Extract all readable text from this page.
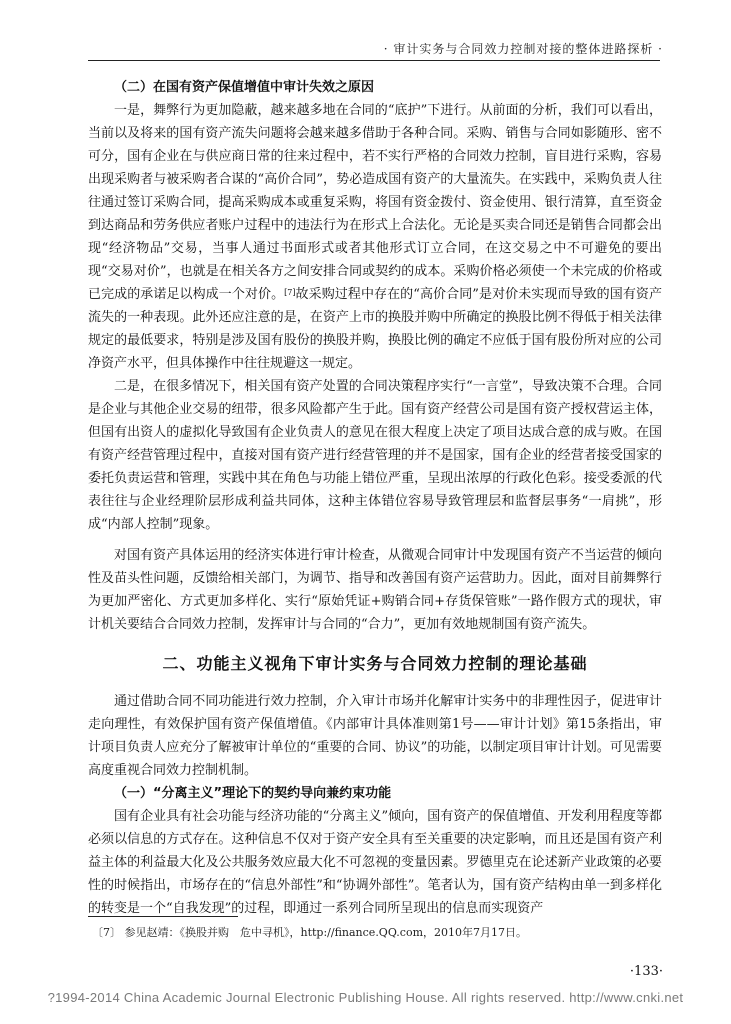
· 审计实务与合同效力控制对接的整体进路探析 ·
（二）在国有资产保值增值中审计失效之原因

一是，舞弊行为更加隐蔽，越来越多地在合同的“底护”下进行。从前面的分析，我们可以看出，当前以及将来的国有资产流失问题将会越来越多借助于各种合同。采购、销售与合同如影随形、密不可分，国有企业在与供应商日常的往来过程中，若不实行严格的合同效力控制，盲目进行采购，容易出现采购者与被采购者合谋的“高价合同”，势必造成国有资产的大量流失。在实践中，采购负责人往往通过签订采购合同，提高采购成本或重复采购，将国有资金拨付、资金使用、银行清算，直至资金到达商品和劳务供应者账户过程中的违法行为在形式上合法化。无论是买卖合同还是销售合同都会出现“经济物品”交易，当事人通过书面形式或者其他形式订立合同，在这交易之中不可避免的要出现“交易对价”，也就是在相关各方之间安排合同或契约的成本。采购价格必须使一个未完成的价格或已完成的承诺足以构成一个对价。[7]故采购过程中存在的“高价合同”是对价未实现而导致的国有资产流失的一种表现。此外还应注意的是，在资产上市的换股并购中所确定的换股比例不得低于相关法律规定的最低要求，特别是涉及国有股份的换股并购，换股比例的确定不应低于国有股份所对应的公司净资产水平，但具体操作中往往规避这一规定。

二是，在很多情况下，相关国有资产处置的合同决策程序实行“一言堂”，导致决策不合理。合同是企业与其他企业交易的纽带，很多风险都产生于此。国有资产经营公司是国有资产授权营运主体，但国有出资人的虚拟化导致国有企业负责人的意见在很大程度上决定了项目达成合意的成与败。在国有资产经营管理过程中，直接对国有资产进行经营管理的并不是国家，国有企业的经营者接受国家的委托负责运营和管理，实践中其在角色与功能上错位严重，呈现出浓厚的行政化色彩。接受委派的代表往往与企业经理阶层形成利益共同体，这种主体错位容易导致管理层和监督层事务“一肩挑”，形成“内部人控制”现象。

对国有资产具体运用的经济实体进行审计检查，从微观合同审计中发现国有资产不当运营的倾向性及苗头性问题，反馈给相关部门，为调节、指导和改善国有资产运营助力。因此，面对目前舞弊行为更加严密化、方式更加多样化、实行“原始凭证+购销合同+存货保管账”一路作假方式的现状，审计机关要结合合同效力控制，发挥审计与合同的“合力”，更加有效地规制国有资产流失。

二、功能主义视角下审计实务与合同效力控制的理论基础

通过借助合同不同功能进行效力控制，介入审计市场并化解审计实务中的非理性因子，促进审计走向理性，有效保护国有资产保值增值。《内部审计具体准则第1号——审计计划》第15条指出，审计项目负责人应充分了解被审计单位的“重要的合同、协议”的功能，以制定项目审计计划。可见需要高度重视合同效力控制机制。

（一）“分离主义”理论下的契约导向兼约束功能

国有企业具有社会功能与经济功能的“分离主义”倾向，国有资产的保值增值、开发利用程度等都必须以信息的方式存在。这种信息不仅对于资产安全具有至关重要的决定影响，而且还是国有资产利益主体的利益最大化及公共服务效应最大化不可忽视的变量因素。罗德里克在论述新产业政策的必要性的时候指出，市场存在的“信息外部性”和“协调外部性”。笔者认为，国有资产结构由单一到多样化的转变是一个“自我发现”的过程，即通过一系列合同所呈现出的信息而实现资产

〔7〕 参见赵靖：《换股并购　危中寻机》，http://finance.QQ.com，2010年7月17日。
·133·
?1994-2014 China Academic Journal Electronic Publishing House. All rights reserved. http://www.cnki.net
